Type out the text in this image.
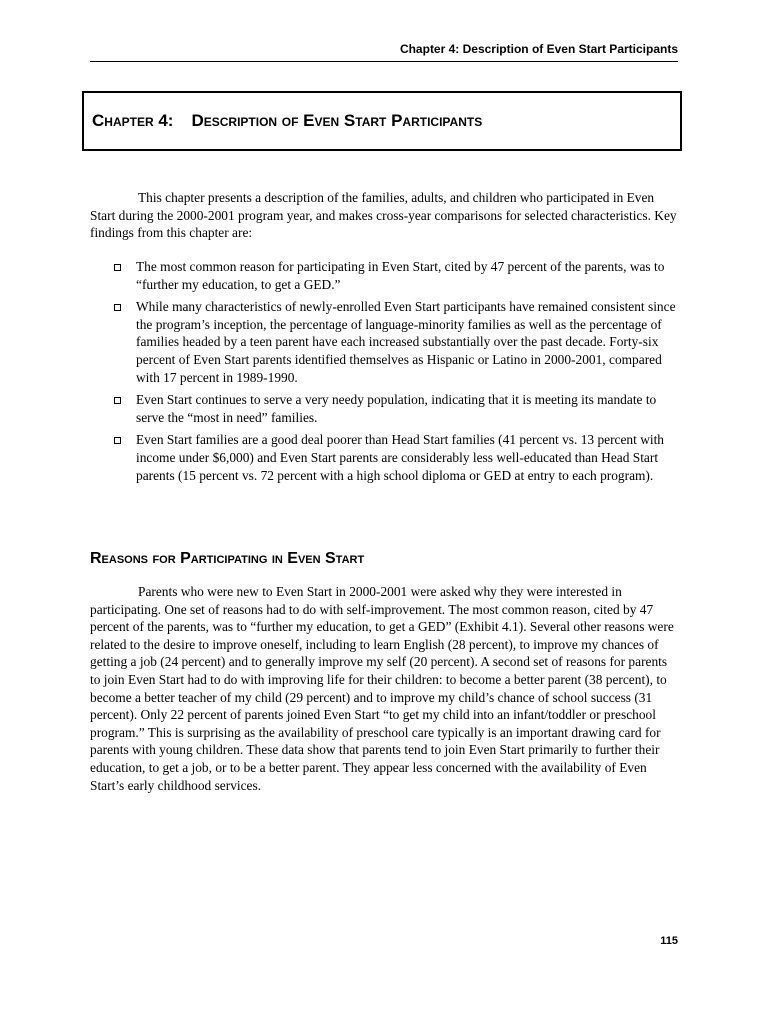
Chapter 4: Description of Even Start Participants
Chapter 4: Description of Even Start Participants

This chapter presents a description of the families, adults, and children who participated in Even Start during the 2000-2001 program year, and makes cross-year comparisons for selected characteristics. Key findings from this chapter are:

The most common reason for participating in Even Start, cited by 47 percent of the parents, was to “further my education, to get a GED.”
While many characteristics of newly-enrolled Even Start participants have remained consistent since the program’s inception, the percentage of language-minority families as well as the percentage of families headed by a teen parent have each increased substantially over the past decade. Forty-six percent of Even Start parents identified themselves as Hispanic or Latino in 2000-2001, compared with 17 percent in 1989-1990.
Even Start continues to serve a very needy population, indicating that it is meeting its mandate to serve the “most in need” families.
Even Start families are a good deal poorer than Head Start families (41 percent vs. 13 percent with income under $6,000) and Even Start parents are considerably less well-educated than Head Start parents (15 percent vs. 72 percent with a high school diploma or GED at entry to each program).
Reasons for Participating in Even Start

Parents who were new to Even Start in 2000-2001 were asked why they were interested in participating. One set of reasons had to do with self-improvement. The most common reason, cited by 47 percent of the parents, was to “further my education, to get a GED” (Exhibit 4.1). Several other reasons were related to the desire to improve oneself, including to learn English (28 percent), to improve my chances of getting a job (24 percent) and to generally improve my self (20 percent). A second set of reasons for parents to join Even Start had to do with improving life for their children: to become a better parent (38 percent), to become a better teacher of my child (29 percent) and to improve my child’s chance of school success (31 percent). Only 22 percent of parents joined Even Start “to get my child into an infant/toddler or preschool program.” This is surprising as the availability of preschool care typically is an important drawing card for parents with young children. These data show that parents tend to join Even Start primarily to further their education, to get a job, or to be a better parent. They appear less concerned with the availability of Even Start’s early childhood services.

115
